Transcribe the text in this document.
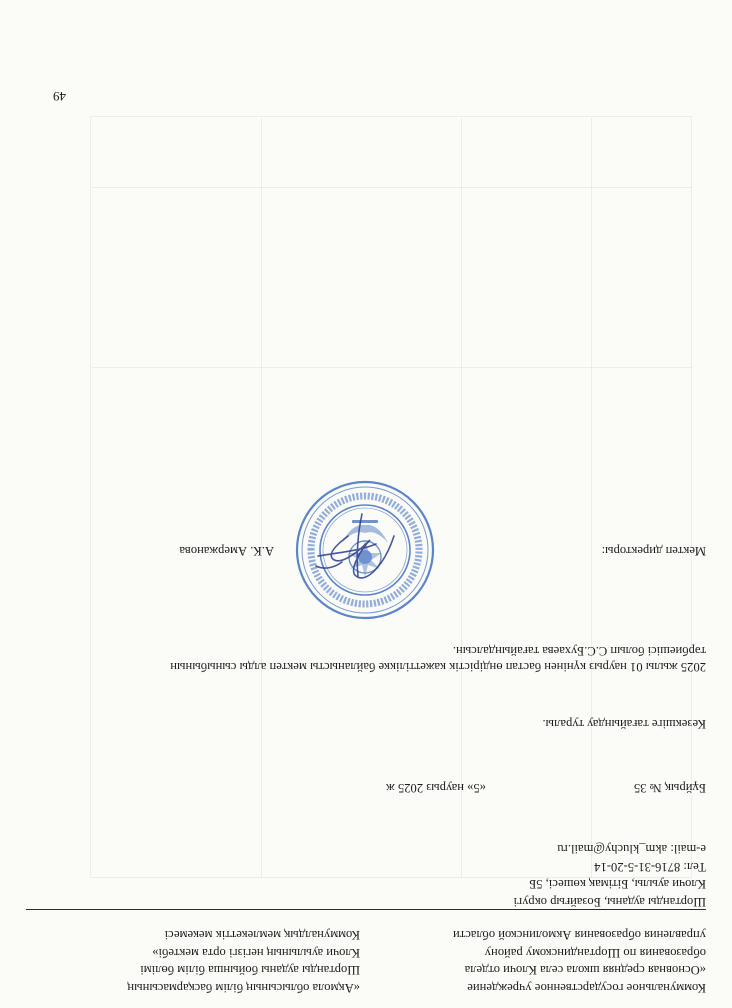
Коммунальное государственное учреждение
«Основная средняя школа села Клочи отдела
образования по Шортандинскому району
управления образования Акмолинской области
«Ақмола облысының білім басқармасының
Шортанды ауданы бойынша білім бөлімі
Клочи ауылының негізгі орта мектебі»
Коммуналдық мемлекеттік мекемесі
Шортанды ауданы, Бозайғыр округі
Клочи ауылы, Бітімақ көшесі, 5Б
Тел: 8716-31-5-20-14
e-mail: akm_kluchy@mail.ru
Бұйрық № 35
«5» наурыз 2025 ж
Кезекшіге тағайындау туралы.
2025 жылы 01 наурыз күнінен бастап өндірістік кажеттілікке байланысты мектеп алды сыныбынын
тәрбиешісі болып С.С.Бухаева тағайындалсын.
Мектеп директоры:
А.К. Амержанова
49
